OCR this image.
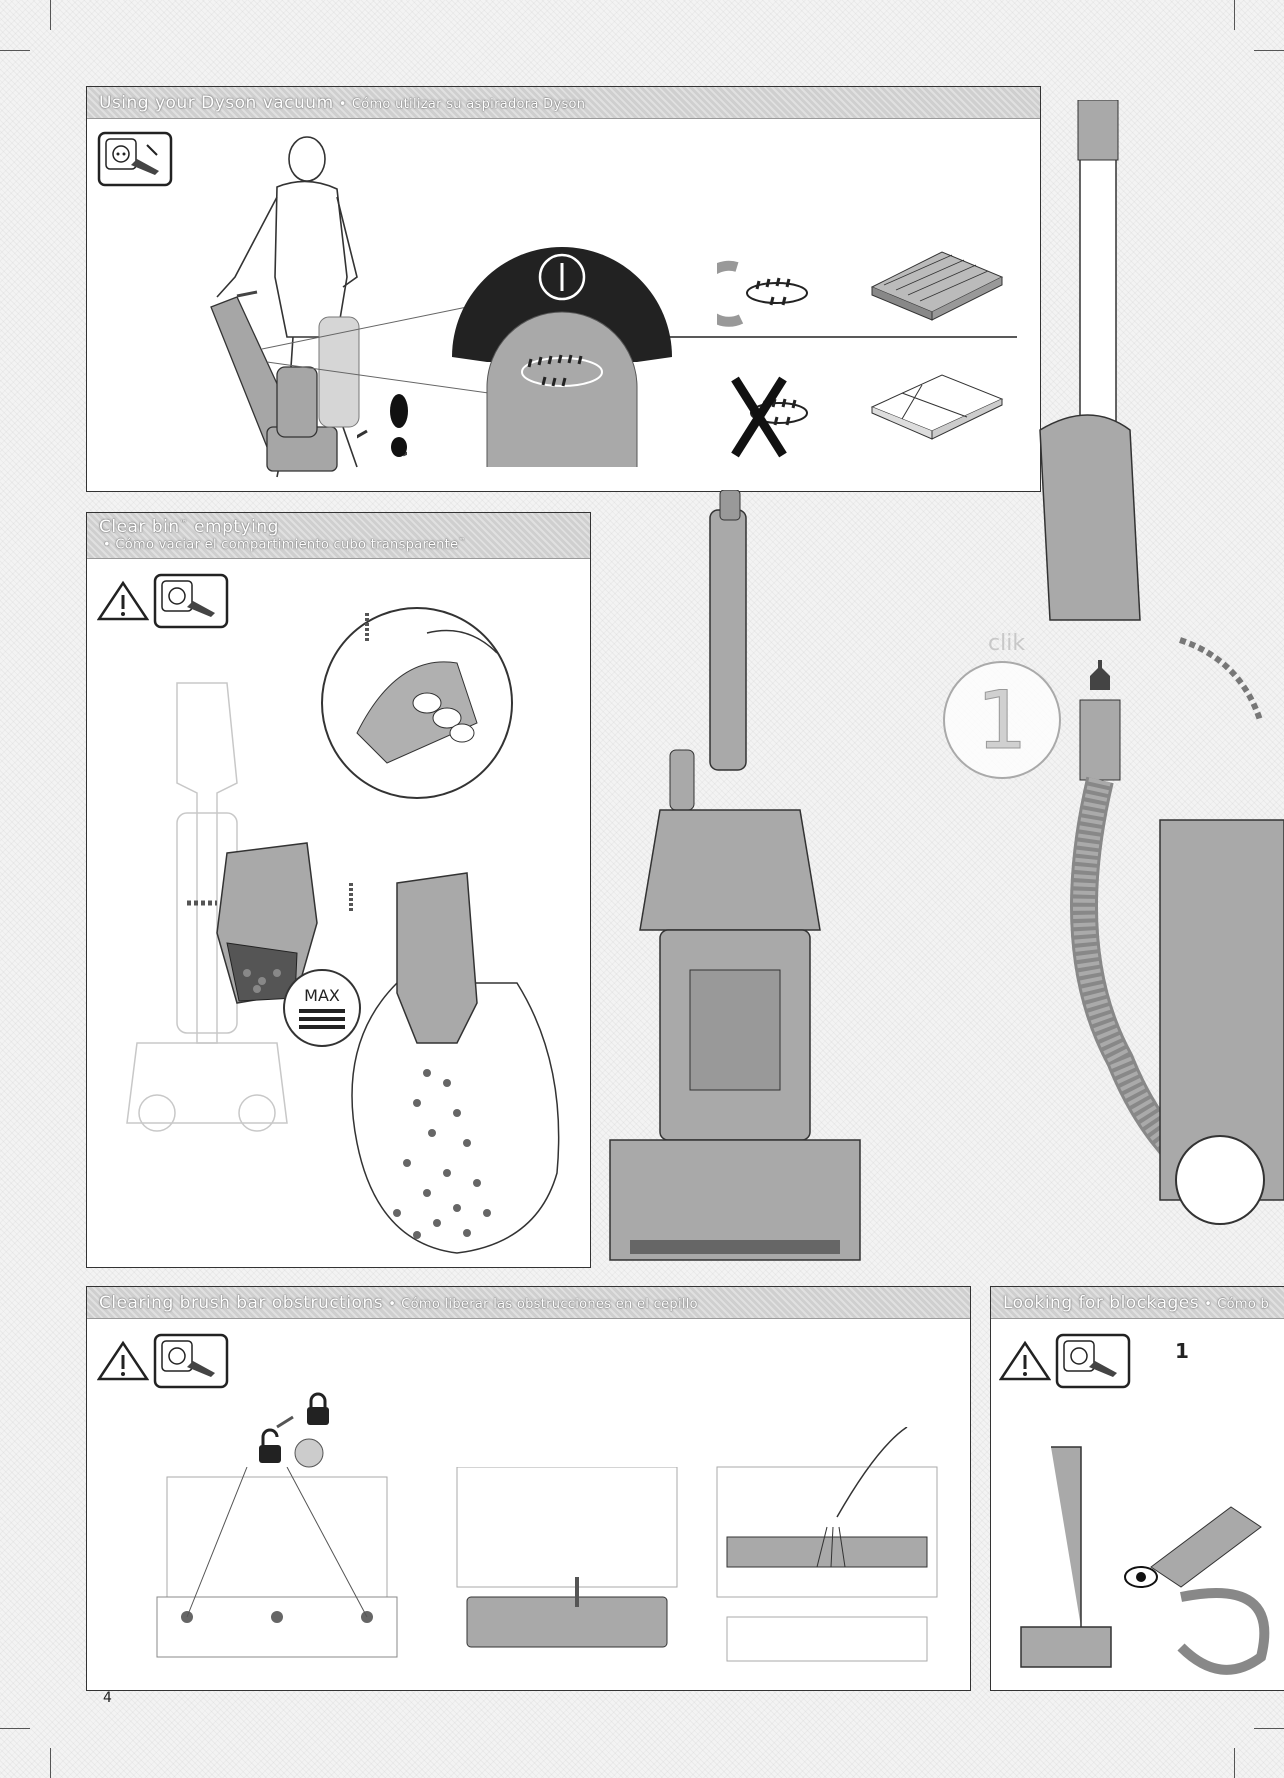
Using your Dyson vacuum • Cómo utilizar su aspiradora Dyson
Clear bin™ emptying
• Cómo vaciar el compartimiento cubo transparente™
MAX
1
clik
Clearing brush bar obstructions • Cómo liberar las obstrucciones en el cepillo	Looking for blockages • Cómo b
1
4
